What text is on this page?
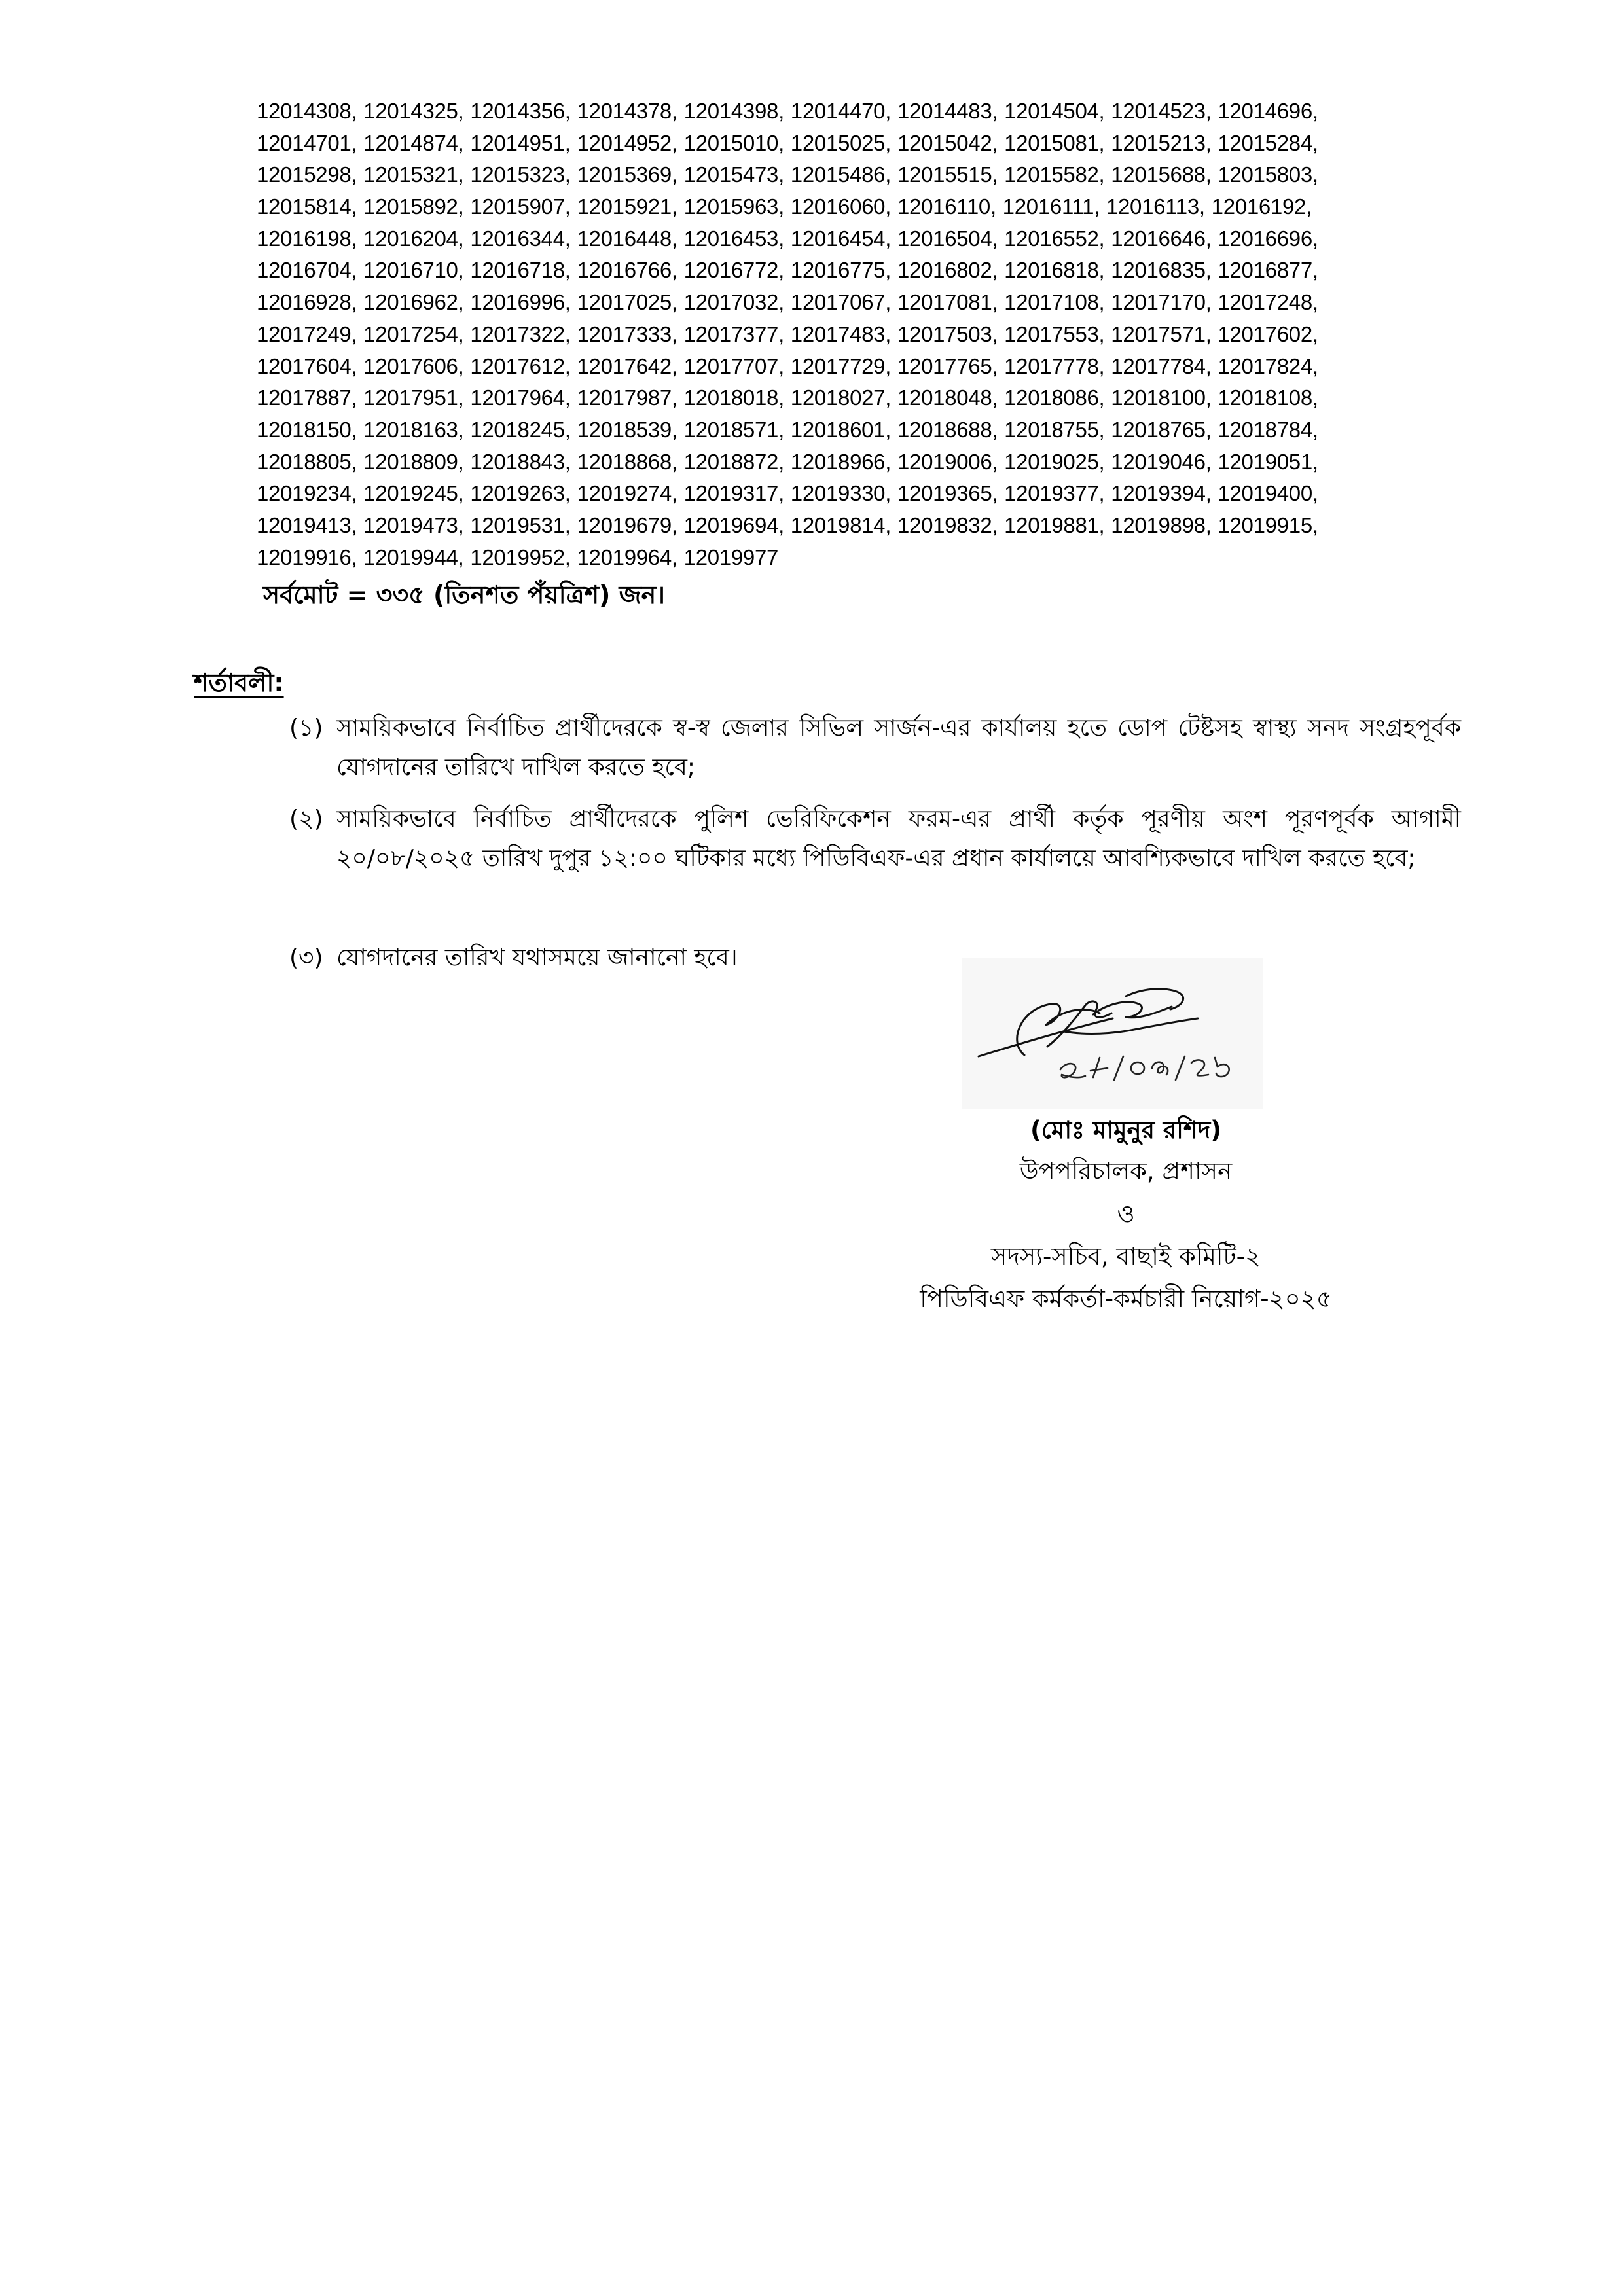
12014308, 12014325, 12014356, 12014378, 12014398, 12014470, 12014483, 12014504, 12014523, 12014696,
12014701, 12014874, 12014951, 12014952, 12015010, 12015025, 12015042, 12015081, 12015213, 12015284,
12015298, 12015321, 12015323, 12015369, 12015473, 12015486, 12015515, 12015582, 12015688, 12015803,
12015814, 12015892, 12015907, 12015921, 12015963, 12016060, 12016110, 12016111, 12016113, 12016192,
12016198, 12016204, 12016344, 12016448, 12016453, 12016454, 12016504, 12016552, 12016646, 12016696,
12016704, 12016710, 12016718, 12016766, 12016772, 12016775, 12016802, 12016818, 12016835, 12016877,
12016928, 12016962, 12016996, 12017025, 12017032, 12017067, 12017081, 12017108, 12017170, 12017248,
12017249, 12017254, 12017322, 12017333, 12017377, 12017483, 12017503, 12017553, 12017571, 12017602,
12017604, 12017606, 12017612, 12017642, 12017707, 12017729, 12017765, 12017778, 12017784, 12017824,
12017887, 12017951, 12017964, 12017987, 12018018, 12018027, 12018048, 12018086, 12018100, 12018108,
12018150, 12018163, 12018245, 12018539, 12018571, 12018601, 12018688, 12018755, 12018765, 12018784,
12018805, 12018809, 12018843, 12018868, 12018872, 12018966, 12019006, 12019025, 12019046, 12019051,
12019234, 12019245, 12019263, 12019274, 12019317, 12019330, 12019365, 12019377, 12019394, 12019400,
12019413, 12019473, 12019531, 12019679, 12019694, 12019814, 12019832, 12019881, 12019898, 12019915,
12019916, 12019944, 12019952, 12019964, 12019977
সর্বমোট = ৩৩৫ (তিনশত পঁয়ত্রিশ) জন।
শর্তাবলী:
(১) সাময়িকভাবে নির্বাচিত প্রার্থীদেরকে স্ব-স্ব জেলার সিভিল সার্জন-এর কার্যালয় হতে ডোপ টেষ্টসহ স্বাস্থ্য সনদ সংগ্রহপূর্বক যোগদানের তারিখে দাখিল করতে হবে;
(২) সাময়িকভাবে নির্বাচিত প্রার্থীদেরকে পুলিশ ভেরিফিকেশন ফরম-এর প্রার্থী কর্তৃক পূরণীয় অংশ পূরণপূর্বক আগামী ২০/০৮/২০২৫ তারিখ দুপুর ১২:০০ ঘটিকার মধ্যে পিডিবিএফ-এর প্রধান কার্যালয়ে আবশ্যিকভাবে দাখিল করতে হবে;
(৩) যোগদানের তারিখ যথাসময়ে জানানো হবে।
(মোঃ মামুনুর রশিদ)
উপপরিচালক, প্রশাসন
ও
সদস্য-সচিব, বাছাই কমিটি-২
পিডিবিএফ কর্মকর্তা-কর্মচারী নিয়োগ-২০২৫
